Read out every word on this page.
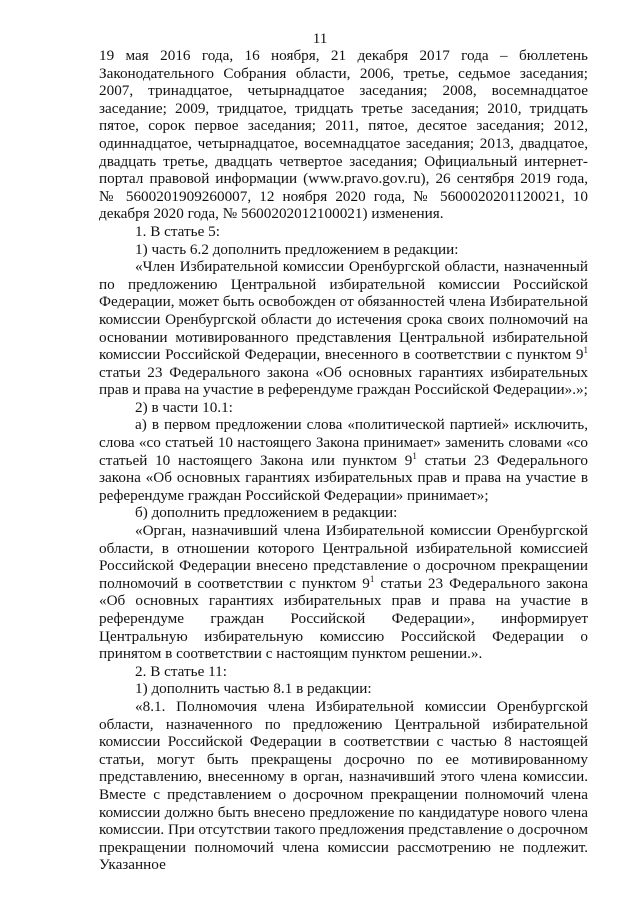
11

19 мая 2016 года, 16 ноября, 21 декабря 2017 года – бюллетень Законодательного Собрания области, 2006, третье, седьмое заседания; 2007, тринадцатое, четырнадцатое заседания; 2008, восемнадцатое заседание; 2009, тридцатое, тридцать третье заседания; 2010, тридцать пятое, сорок первое заседания; 2011, пятое, десятое заседания; 2012, одиннадцатое, четырнадцатое, восемнадцатое заседания; 2013, двадцатое, двадцать третье, двадцать четвертое заседания; Официальный интернет-портал правовой информации (www.pravo.gov.ru), 26 сентября 2019 года, № 5600201909260007, 12 ноября 2020 года, № 5600020201120021, 10 декабря 2020 года, № 5600202012100021) изменения.

1. В статье 5:

1) часть 6.2 дополнить предложением в редакции:

«Член Избирательной комиссии Оренбургской области, назначенный по предложению Центральной избирательной комиссии Российской Федерации, может быть освобожден от обязанностей члена Избирательной комиссии Оренбургской области до истечения срока своих полномочий на основании мотивированного представления Центральной избирательной комиссии Российской Федерации, внесенного в соответствии с пунктом $9^1$ статьи 23 Федерального закона «Об основных гарантиях избирательных прав и права на участие в референдуме граждан Российской Федерации».»;

2) в части 10.1:

а) в первом предложении слова «политической партией» исключить, слова «со статьей 10 настоящего Закона принимает» заменить словами «со статьей 10 настоящего Закона или пунктом $9^1$ статьи 23 Федерального закона «Об основных гарантиях избирательных прав и права на участие в референдуме граждан Российской Федерации» принимает»;

б) дополнить предложением в редакции:

«Орган, назначивший члена Избирательной комиссии Оренбургской области, в отношении которого Центральной избирательной комиссией Российской Федерации внесено представление о досрочном прекращении полномочий в соответствии с пунктом $9^1$ статьи 23 Федерального закона «Об основных гарантиях избирательных прав и права на участие в референдуме граждан Российской Федерации», информирует Центральную избирательную комиссию Российской Федерации о принятом в соответствии с настоящим пунктом решении.».

2. В статье 11:

1) дополнить частью 8.1 в редакции:

«8.1. Полномочия члена Избирательной комиссии Оренбургской области, назначенного по предложению Центральной избирательной комиссии Российской Федерации в соответствии с частью 8 настоящей статьи, могут быть прекращены досрочно по ее мотивированному представлению, внесенному в орган, назначивший этого члена комиссии. Вместе с представлением о досрочном прекращении полномочий члена комиссии должно быть внесено предложение по кандидатуре нового члена комиссии. При отсутствии такого предложения представление о досрочном прекращении полномочий члена комиссии рассмотрению не подлежит. Указанное
